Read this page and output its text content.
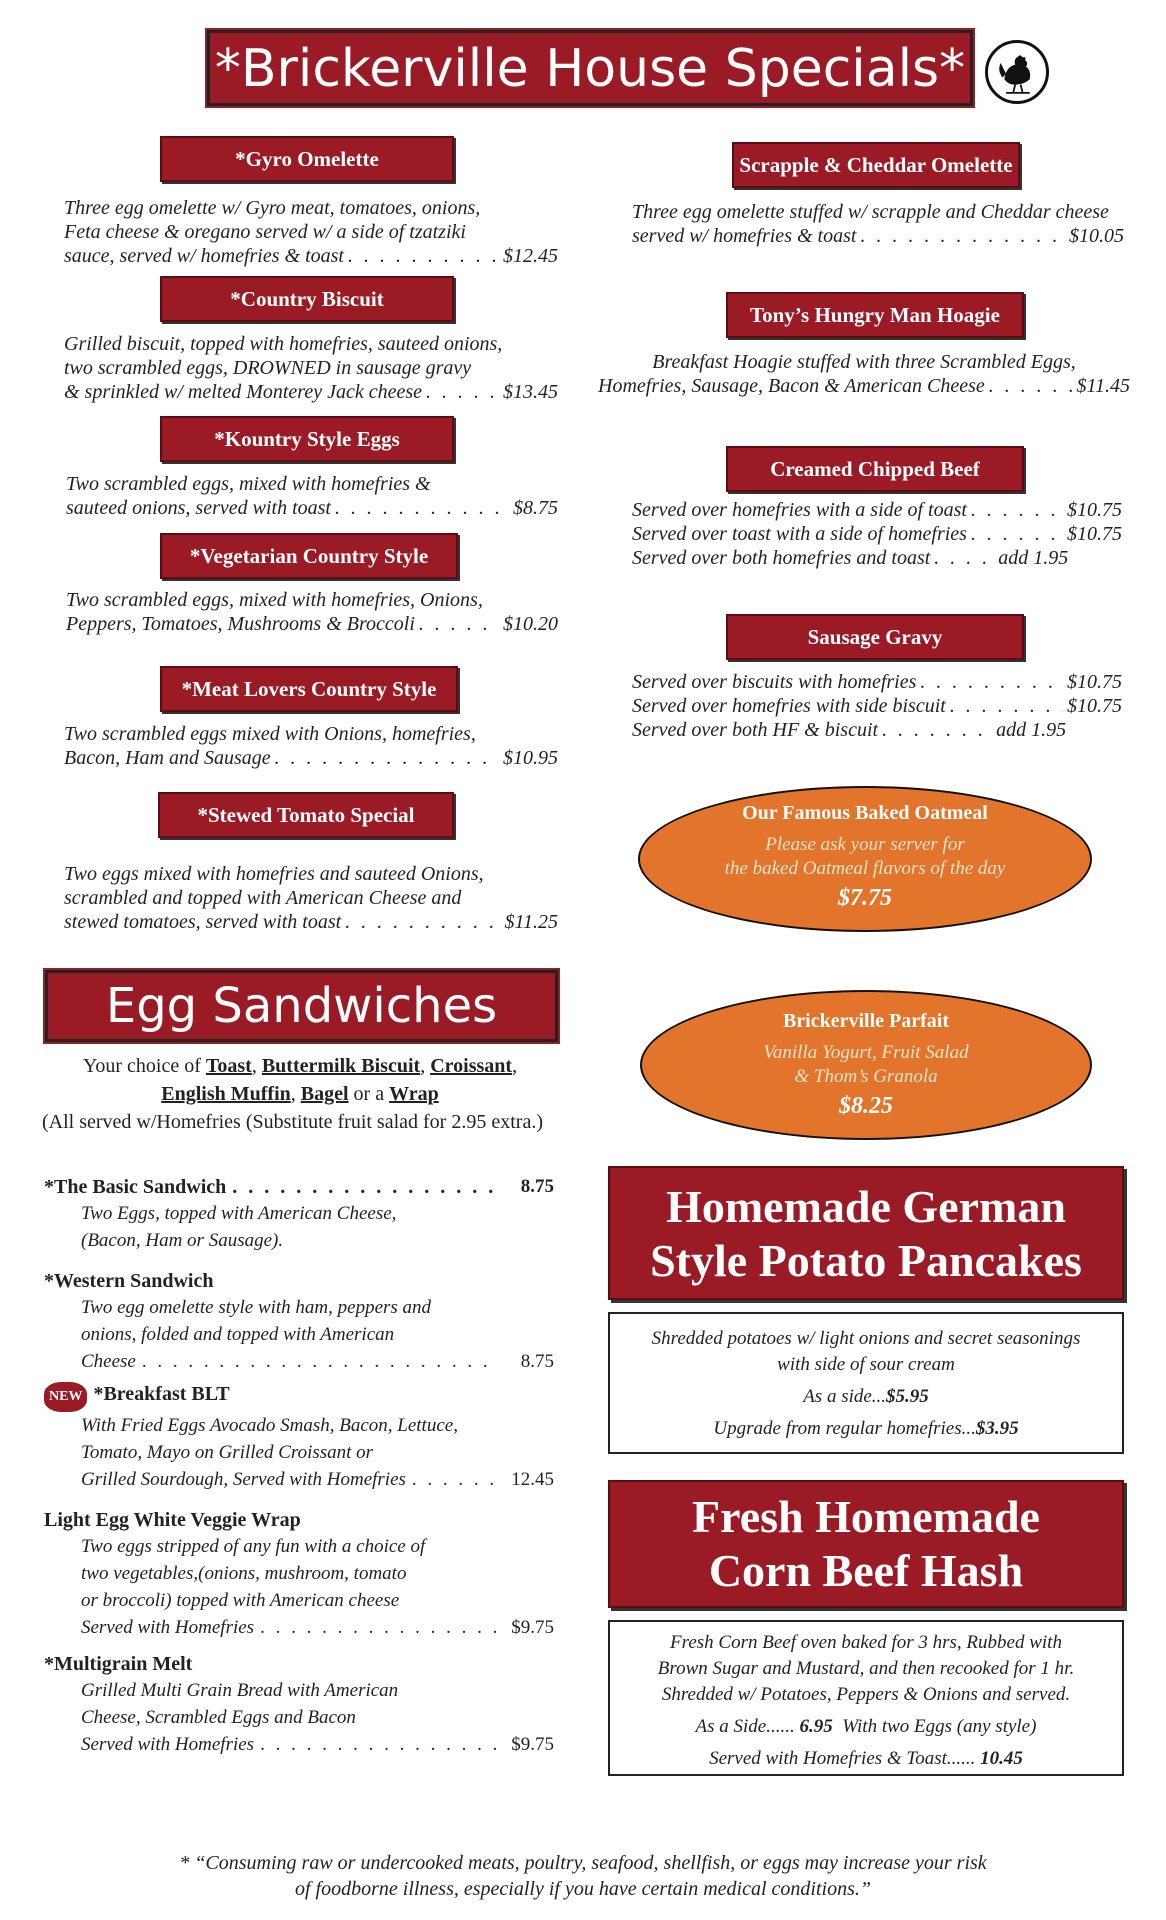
*Brickerville House Specials*
*Gyro Omelette
Three egg omelette w/ Gyro meat, tomatoes, onions,
Feta cheese & oregano served w/ a side of tzatziki
sauce, served w/ homefries & toast . . .	$12.45
*Country Biscuit
Grilled biscuit, topped with homefries, sauteed onions,
two scrambled eggs, DROWNED in sausage gravy
& sprinkled w/ melted Monterey Jack cheese . . .	$13.45
*Kountry Style Eggs
Two scrambled eggs, mixed with homefries &
sauteed onions, served with toast . . .	$8.75
*Vegetarian Country Style
Two scrambled eggs, mixed with homefries, Onions,
Peppers, Tomatoes, Mushrooms & Broccoli . . .	$10.20
*Meat Lovers Country Style
Two scrambled eggs mixed with Onions, homefries,
Bacon, Ham and Sausage . . .	$10.95
*Stewed Tomato Special
Two eggs mixed with homefries and sauteed Onions,
scrambled and topped with American Cheese and
stewed tomatoes, served with toast . . .	$11.25
Scrapple & Cheddar Omelette
Three egg omelette stuffed w/ scrapple and Cheddar cheese
served w/ homefries & toast . . .	$10.05
Tony’s Hungry Man Hoagie
Breakfast Hoagie stuffed with three Scrambled Eggs,
Homefries, Sausage, Bacon & American Cheese . . .	$11.45
Creamed Chipped Beef
Served over homefries with a side of toast . . .	$10.75
Served over toast with a side of homefries . . .	$10.75
Served over both homefries and toast . . .	add 1.95
Sausage Gravy
Served over biscuits with homefries . . .	$10.75
Served over homefries with side biscuit . . .	$10.75
Served over both HF & biscuit . . .	add 1.95
Our Famous Baked Oatmeal
Please ask your server for
the baked Oatmeal flavors of the day
$7.75
Brickerville Parfait
Vanilla Yogurt, Fruit Salad
& Thom’s Granola
$8.25
Egg Sandwiches
Your choice of Toast, Buttermilk Biscuit, Croissant,
English Muffin, Bagel or a Wrap
(All served w/Homefries (Substitute fruit salad for 2.95 extra.)
*The Basic Sandwich . . .	8.75
Two Eggs, topped with American Cheese,
(Bacon, Ham or Sausage).
*Western Sandwich
Two egg omelette style with ham, peppers and
onions, folded and topped with American
Cheese . . .	8.75
NEW *Breakfast BLT
With Fried Eggs Avocado Smash, Bacon, Lettuce,
Tomato, Mayo on Grilled Croissant or
Grilled Sourdough, Served with Homefries . . .	12.45
Light Egg White Veggie Wrap
Two eggs stripped of any fun with a choice of
two vegetables,(onions, mushroom, tomato
or broccoli) topped with American cheese
Served with Homefries . . .	$9.75
*Multigrain Melt
Grilled Multi Grain Bread with American
Cheese, Scrambled Eggs and Bacon
Served with Homefries . . .	$9.75
Homemade German
Style Potato Pancakes
Shredded potatoes w/ light onions and secret seasonings
with side of sour cream
As a side...$5.95
Upgrade from regular homefries...$3.95
Fresh Homemade
Corn Beef Hash
Fresh Corn Beef oven baked for 3 hrs, Rubbed with
Brown Sugar and Mustard, and then recooked for 1 hr.
Shredded w/ Potatoes, Peppers & Onions and served.
As a Side...... 6.95 With two Eggs (any style)
Served with Homefries & Toast...... 10.45
* “Consuming raw or undercooked meats, poultry, seafood, shellfish, or eggs may increase your risk
of foodborne illness, especially if you have certain medical conditions.”
